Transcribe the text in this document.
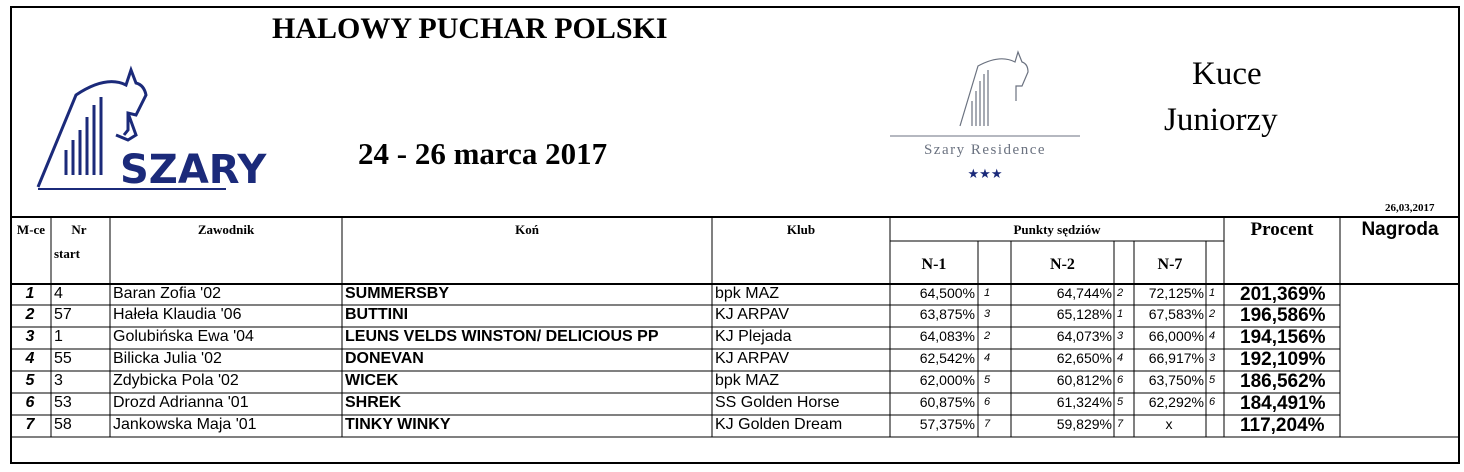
HALOWY PUCHAR POLSKI
24 - 26 marca 2017
Kuce
Juniorzy
26,03,2017
SZARY	Szary Residence
★★★
M-ce	Nr
start
Zawodnik	Koń	Klub	Punkty sędziów
N-1	N-2	N-7
Procent	Nagroda
1	4	Baran Zofia '02	SUMMERSBY	bpk MAZ	64,500% 1	64,744% 2	72,125% 1	201,369%
2	57	Hałeła Klaudia '06	BUTTINI	KJ ARPAV	63,875% 3	65,128% 1	67,583% 2	196,586%
3	1	Golubińska Ewa '04	LEUNS VELDS WINSTON/ DELICIOUS PP	KJ Plejada	64,083% 2	64,073% 3	66,000% 4	194,156%
4	55	Bilicka Julia '02	DONEVAN	KJ ARPAV	62,542% 4	62,650% 4	66,917% 3	192,109%
5	3	Zdybicka Pola '02	WICEK	bpk MAZ	62,000% 5	60,812% 6	63,750% 5	186,562%
6	53	Drozd Adrianna '01	SHREK	SS Golden Horse	60,875% 6	61,324% 5	62,292% 6	184,491%
7	58	Jankowska Maja '01	TINKY WINKY	KJ Golden Dream	57,375% 7	59,829% 7	x	117,204%
